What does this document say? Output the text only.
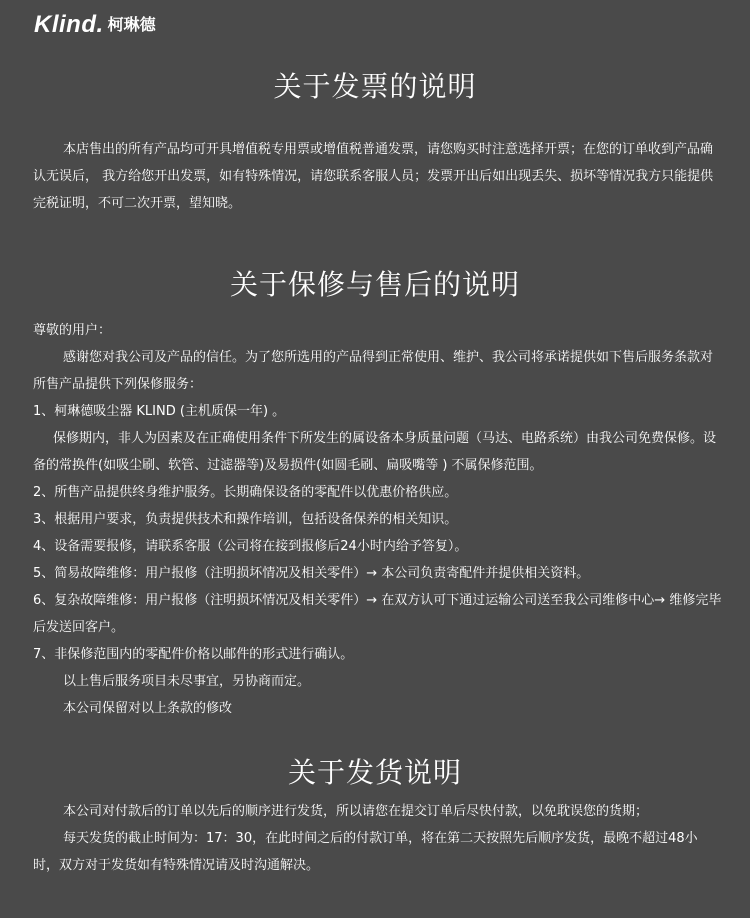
Klind. 柯琳德
关于发票的说明

本店售出的所有产品均可开具增值税专用票或增值税普通发票，请您购买时注意选择开票；在您的订单收到产品确认无误后， 我方给您开出发票，如有特殊情况，请您联系客服人员；发票开出后如出现丢失、损坏等情况我方只能提供完税证明，不可二次开票，望知晓。

关于保修与售后的说明
尊敬的用户：
感谢您对我公司及产品的信任。为了您所选用的产品得到正常使用、维护、我公司将承诺提供如下售后服务条款对所售产品提供下列保修服务：
1、柯琳德吸尘器 KLIND (主机质保一年) 。
保修期内，非人为因素及在正确使用条件下所发生的属设备本身质量问题（马达、电路系统）由我公司免费保修。设备的常换件(如吸尘刷、软管、过滤器等)及易损件(如圆毛刷、扁吸嘴等 ) 不属保修范围。
2、所售产品提供终身维护服务。长期确保设备的零配件以优惠价格供应。
3、根据用户要求，负责提供技术和操作培训，包括设备保养的相关知识。
4、设备需要报修，请联系客服（公司将在接到报修后24小时内给予答复）。
5、简易故障维修：用户报修（注明损坏情况及相关零件）→ 本公司负责寄配件并提供相关资料。
6、复杂故障维修：用户报修（注明损坏情况及相关零件）→ 在双方认可下通过运输公司送至我公司维修中心→ 维修完毕后发送回客户。
7、非保修范围内的零配件价格以邮件的形式进行确认。
以上售后服务项目未尽事宜，另协商而定。
本公司保留对以上条款的修改
关于发货说明
本公司对付款后的订单以先后的顺序进行发货，所以请您在提交订单后尽快付款，以免耽误您的货期；
每天发货的截止时间为：17：30，在此时间之后的付款订单，将在第二天按照先后顺序发货，最晚不超过48小时，双方对于发货如有特殊情况请及时沟通解决。
